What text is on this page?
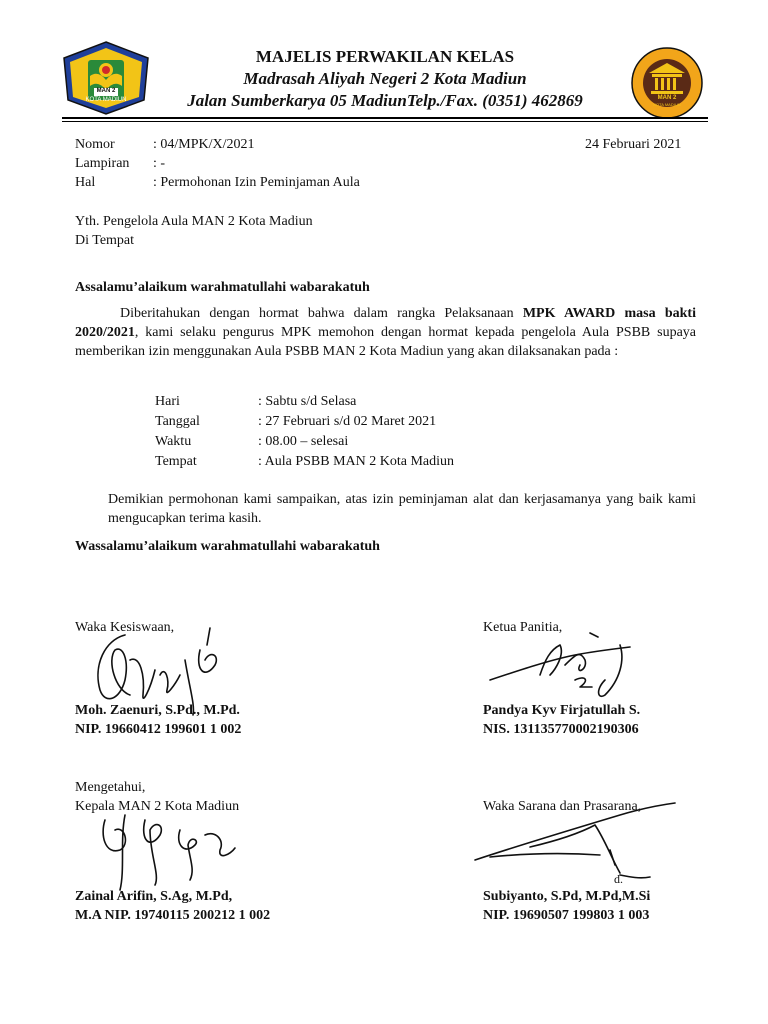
MAN 2
KOTA MADIUN	MAN 2
KOTA MADIUN
MAJELIS PERWAKILAN KELAS
Madrasah Aliyah Negeri 2 Kota Madiun
Jalan Sumberkarya 05 MadiunTelp./Fax. (0351) 462869
Nomor	: 04/MPK/X/2021	24 Februari 2021
Lampiran : -
Hal	: Permohonan Izin Peminjaman Aula
Yth. Pengelola Aula MAN 2 Kota Madiun
Di Tempat
Assalamu’alaikum warahmatullahi wabarakatuh
Diberitahukan dengan hormat bahwa dalam rangka Pelaksanaan MPK AWARD masa bakti 2020/2021, kami selaku pengurus MPK memohon dengan hormat kepada pengelola Aula PSBB supaya memberikan izin menggunakan Aula PSBB MAN 2 Kota Madiun yang akan dilaksanakan pada :
Hari	: Sabtu s/d Selasa
Tanggal	: 27 Februari s/d 02 Maret 2021
Waktu	: 08.00 – selesai
Tempat	: Aula PSBB MAN 2 Kota Madiun
Demikian permohonan kami sampaikan, atas izin peminjaman alat dan kerjasamanya yang baik kami mengucapkan terima kasih.
Wassalamu’alaikum warahmatullahi wabarakatuh
Waka Kesiswaan,
Moh. Zaenuri, S.Pd., M.Pd.
NIP. 19660412 199601 1 002
Ketua Panitia,
Pandya Kyv Firjatullah S.
NIS. 131135770002190306
Mengetahui,
Kepala MAN 2 Kota Madiun
Zainal Arifin, S.Ag, M.Pd,
M.A NIP. 19740115 200212 1 002
Waka Sarana dan Prasarana,
d.
Subiyanto, S.Pd, M.Pd,M.Si
NIP. 19690507 199803 1 003
